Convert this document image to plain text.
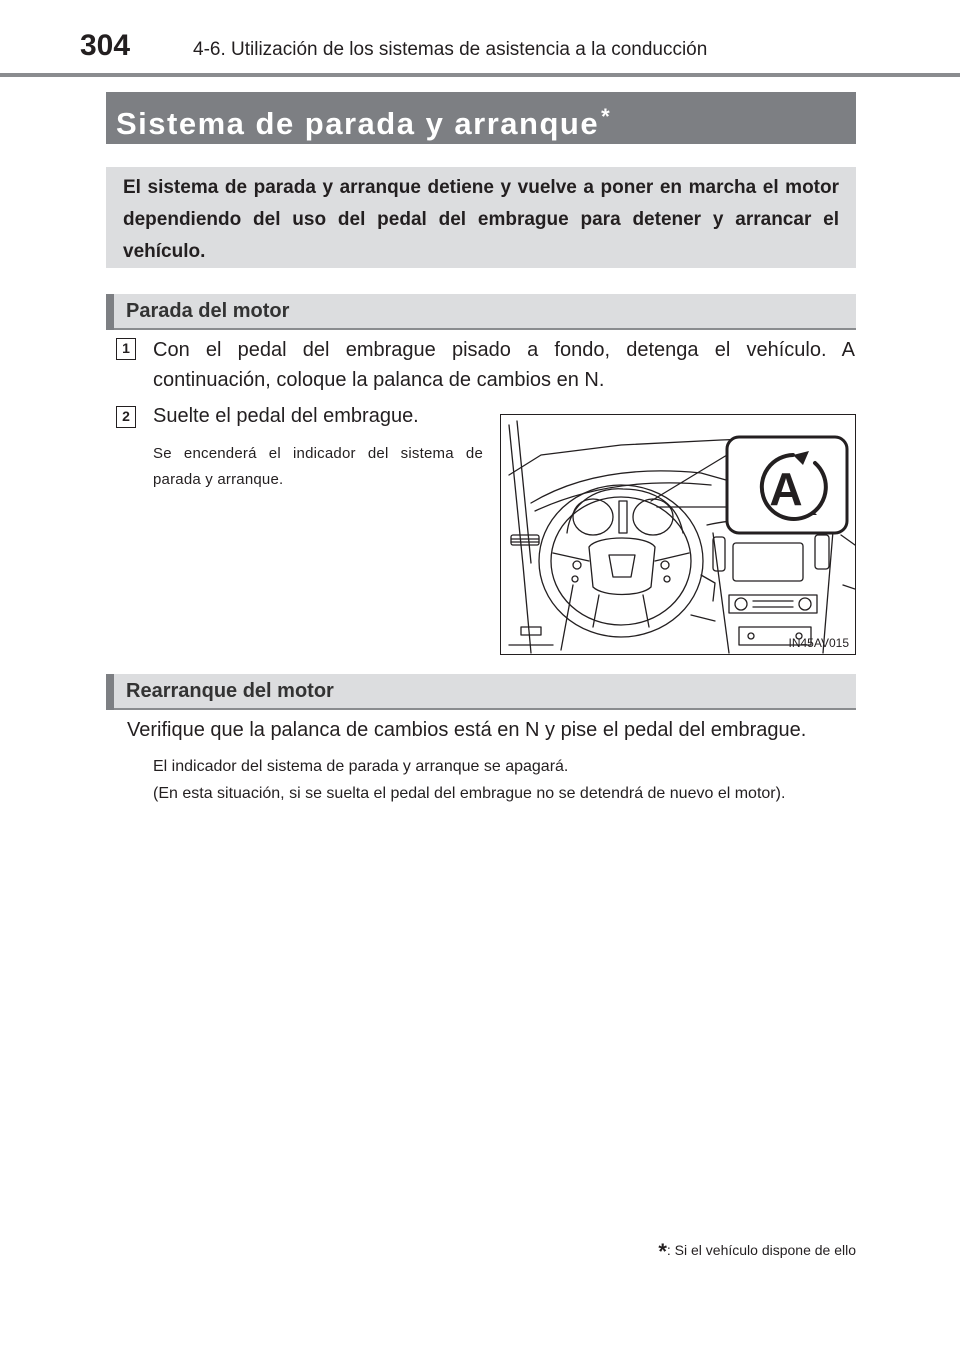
304	4-6. Utilización de los sistemas de asistencia a la conducción
Sistema de parada y arranque*

El sistema de parada y arranque detiene y vuelve a poner en marcha el motor dependiendo del uso del pedal del embrague para detener y arrancar el vehículo.

Parada del motor
1	Con el pedal del embrague pisado a fondo, detenga el vehículo. A continuación, coloque la palanca de cambios en N.

2	Suelte el pedal del embrague.

Se encenderá el indicador del sistema de parada y arranque.	A
IN45AV015
Rearranque del motor

Verifique que la palanca de cambios está en N y pise el pedal del embrague.

El indicador del sistema de parada y arranque se apagará.

(En esta situación, si se suelta el pedal del embrague no se detendrá de nuevo el motor).

*: Si el vehículo dispone de ello
